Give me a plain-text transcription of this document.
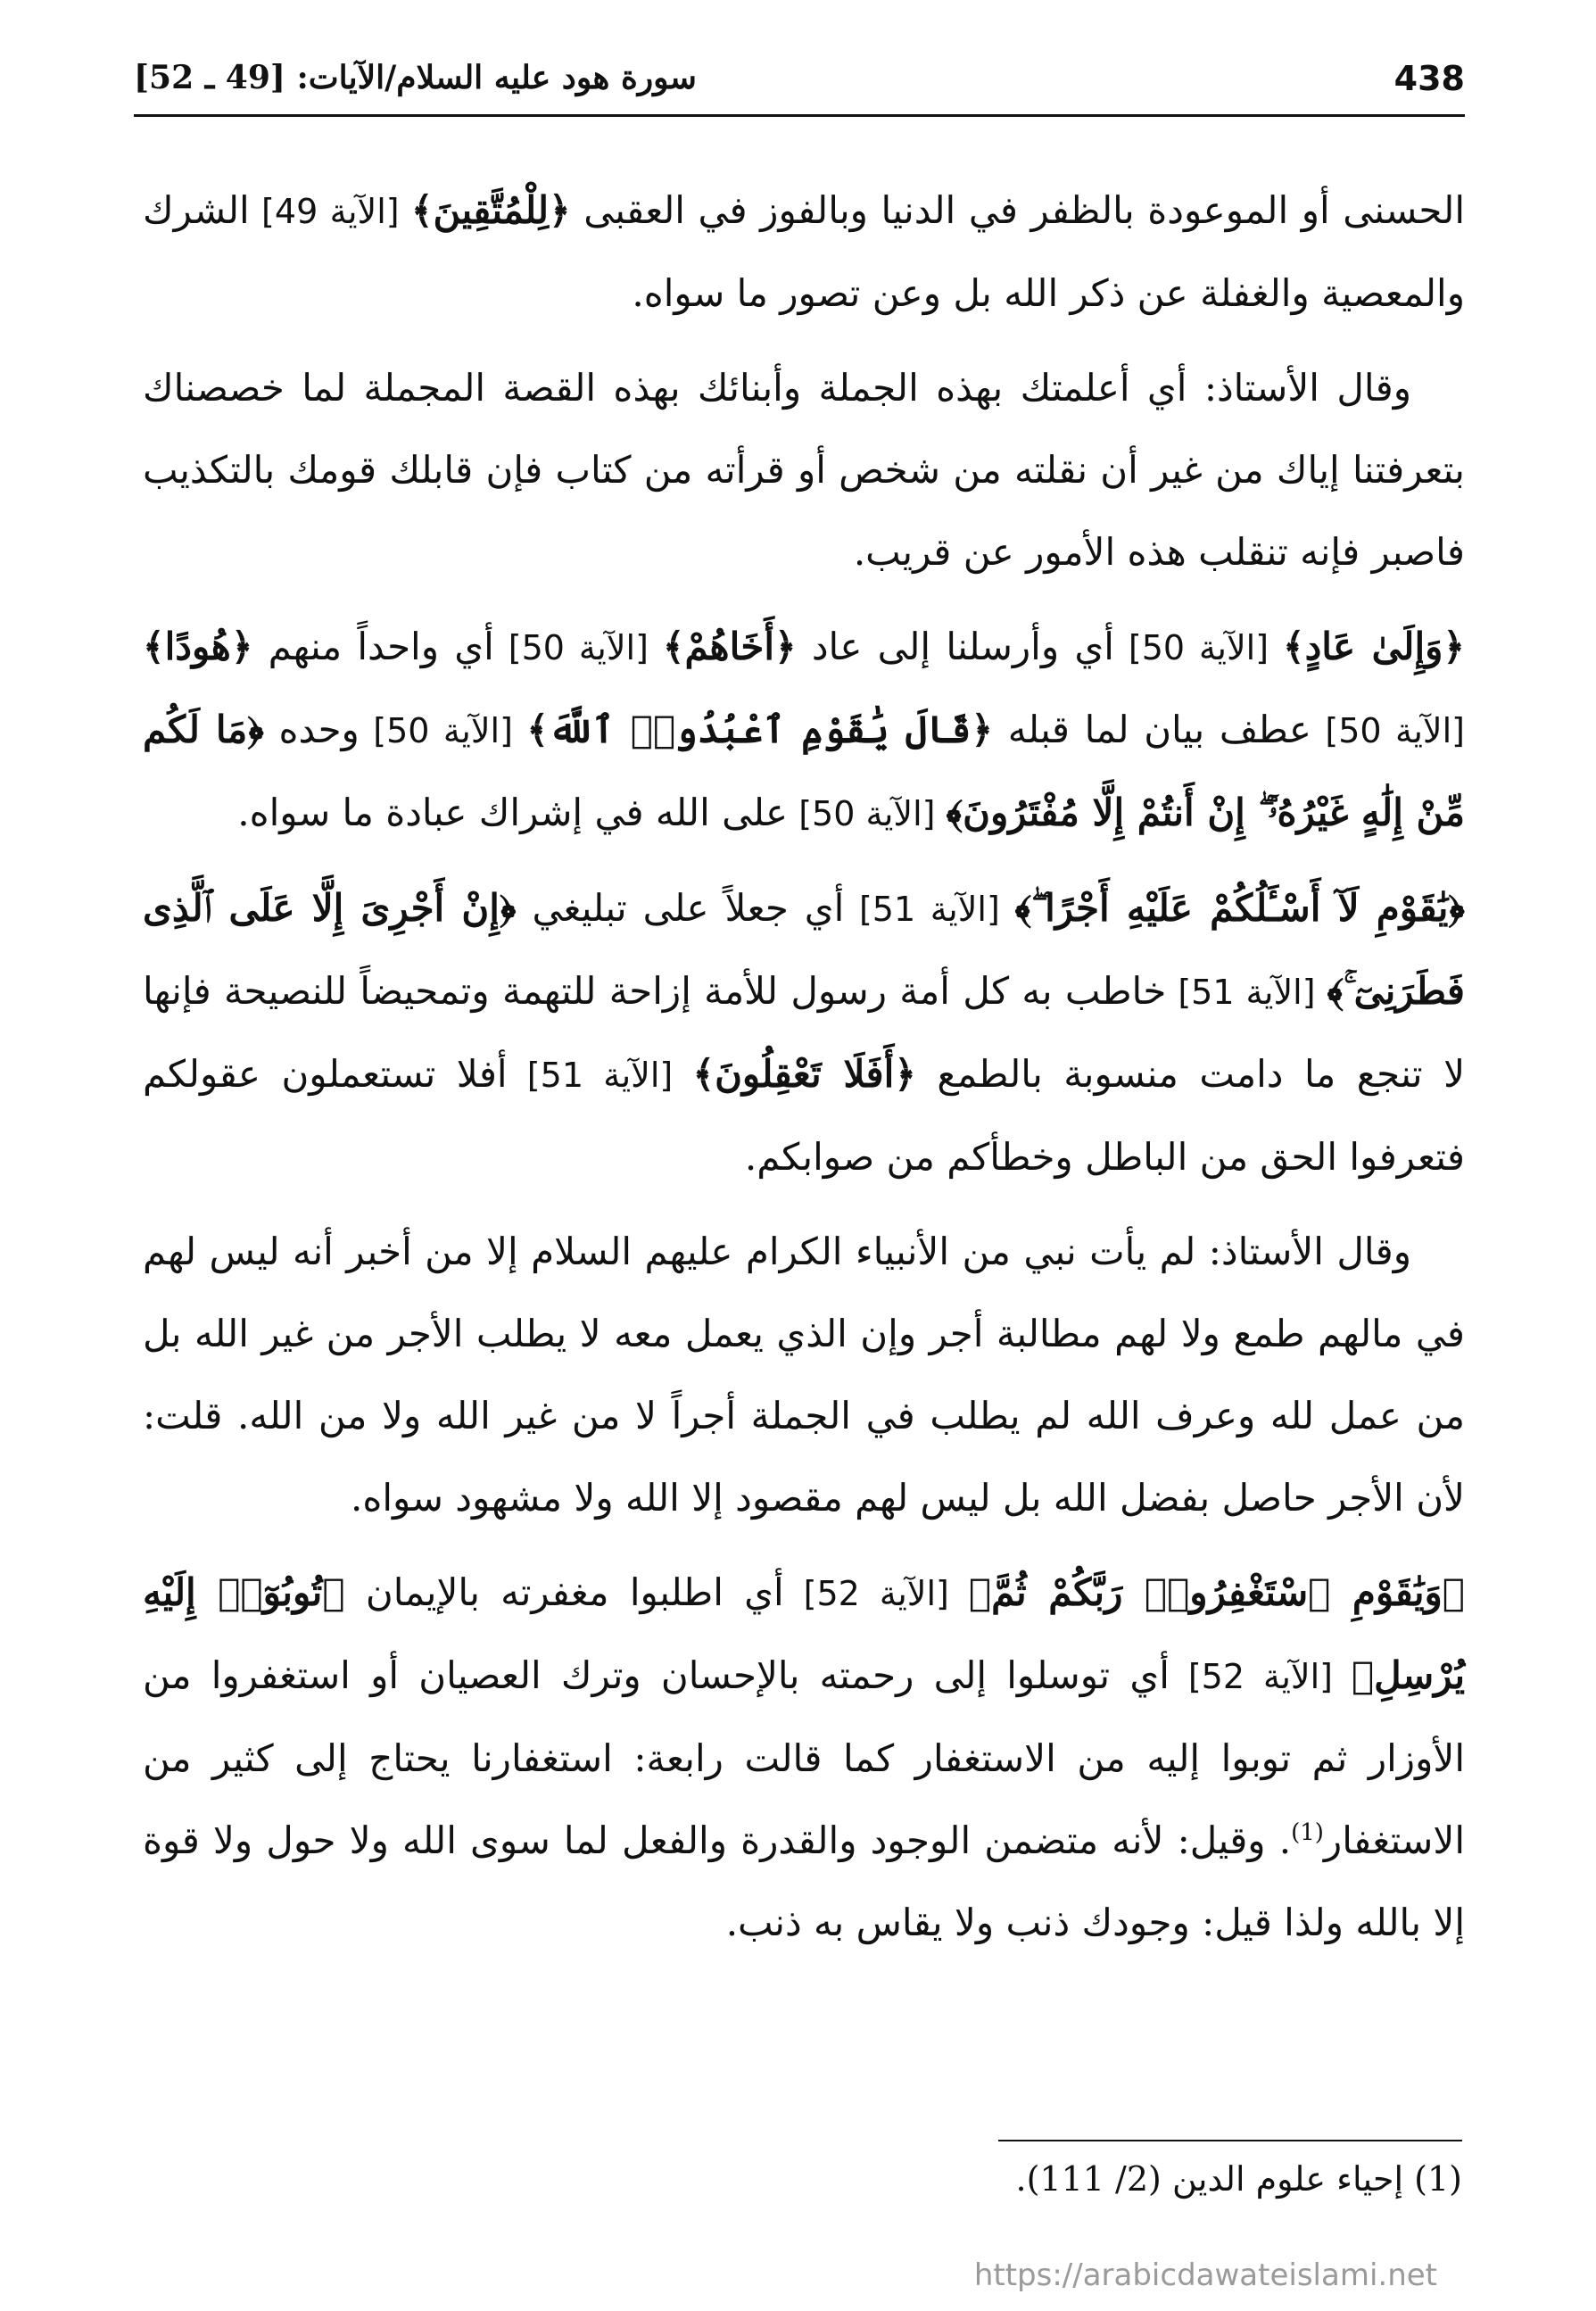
438
سورة هود عليه السلام/الآيات: [49 ـ 52]

الحسنى أو الموعودة بالظفر في الدنيا وبالفوز في العقبى ﴿لِلْمُتَّقِينَ﴾ [الآية 49] الشرك والمعصية والغفلة عن ذكر الله بل وعن تصور ما سواه.

وقال الأستاذ: أي أعلمتك بهذه الجملة وأبنائك بهذه القصة المجملة لما خصصناك بتعرفتنا إياك من غير أن نقلته من شخص أو قرأته من كتاب فإن قابلك قومك بالتكذيب فاصبر فإنه تنقلب هذه الأمور عن قريب.

﴿وَإِلَىٰ عَادٍ﴾ [الآية 50] أي وأرسلنا إلى عاد ﴿أَخَاهُمْ﴾ [الآية 50] أي واحداً منهم ﴿هُودًا﴾ [الآية 50] عطف بيان لما قبله ﴿قَالَ يَٰقَوْمِ ٱعْبُدُوا۟ ٱللَّهَ﴾ [الآية 50] وحده ﴿مَا لَكُم مِّنْ إِلَٰهٍ غَيْرُهُۥٓ ۖ إِنْ أَنتُمْ إِلَّا مُفْتَرُونَ﴾ [الآية 50] على الله في إشراك عبادة ما سواه.

﴿يَٰقَوْمِ لَآ أَسْـَٔلُكُمْ عَلَيْهِ أَجْرًا ۖ﴾ [الآية 51] أي جعلاً على تبليغي ﴿إِنْ أَجْرِىَ إِلَّا عَلَى ٱلَّذِى فَطَرَنِىٓ ۚ﴾ [الآية 51] خاطب به كل أمة رسول للأمة إزاحة للتهمة وتمحيضاً للنصيحة فإنها لا تنجع ما دامت منسوبة بالطمع ﴿أَفَلَا تَعْقِلُونَ﴾ [الآية 51] أفلا تستعملون عقولكم فتعرفوا الحق من الباطل وخطأكم من صوابكم.

وقال الأستاذ: لم يأت نبي من الأنبياء الكرام عليهم السلام إلا من أخبر أنه ليس لهم في مالهم طمع ولا لهم مطالبة أجر وإن الذي يعمل معه لا يطلب الأجر من غير الله بل من عمل لله وعرف الله لم يطلب في الجملة أجراً لا من غير الله ولا من الله. قلت: لأن الأجر حاصل بفضل الله بل ليس لهم مقصود إلا الله ولا مشهود سواه.

﴿وَيَٰقَوْمِ ٱسْتَغْفِرُوا۟ رَبَّكُمْ ثُمَّ﴾ [الآية 52] أي اطلبوا مغفرته بالإيمان ﴿تُوبُوٓا۟ إِلَيْهِ يُرْسِلِ﴾ [الآية 52] أي توسلوا إلى رحمته بالإحسان وترك العصيان أو استغفروا من الأوزار ثم توبوا إليه من الاستغفار كما قالت رابعة: استغفارنا يحتاج إلى كثير من الاستغفار$^{(1)}$. وقيل: لأنه متضمن الوجود والقدرة والفعل لما سوى الله ولا حول ولا قوة إلا بالله ولذا قيل: وجودك ذنب ولا يقاس به ذنب.

(1) إحياء علوم الدين (2/ 111).
https://arabicdawateislami.net
